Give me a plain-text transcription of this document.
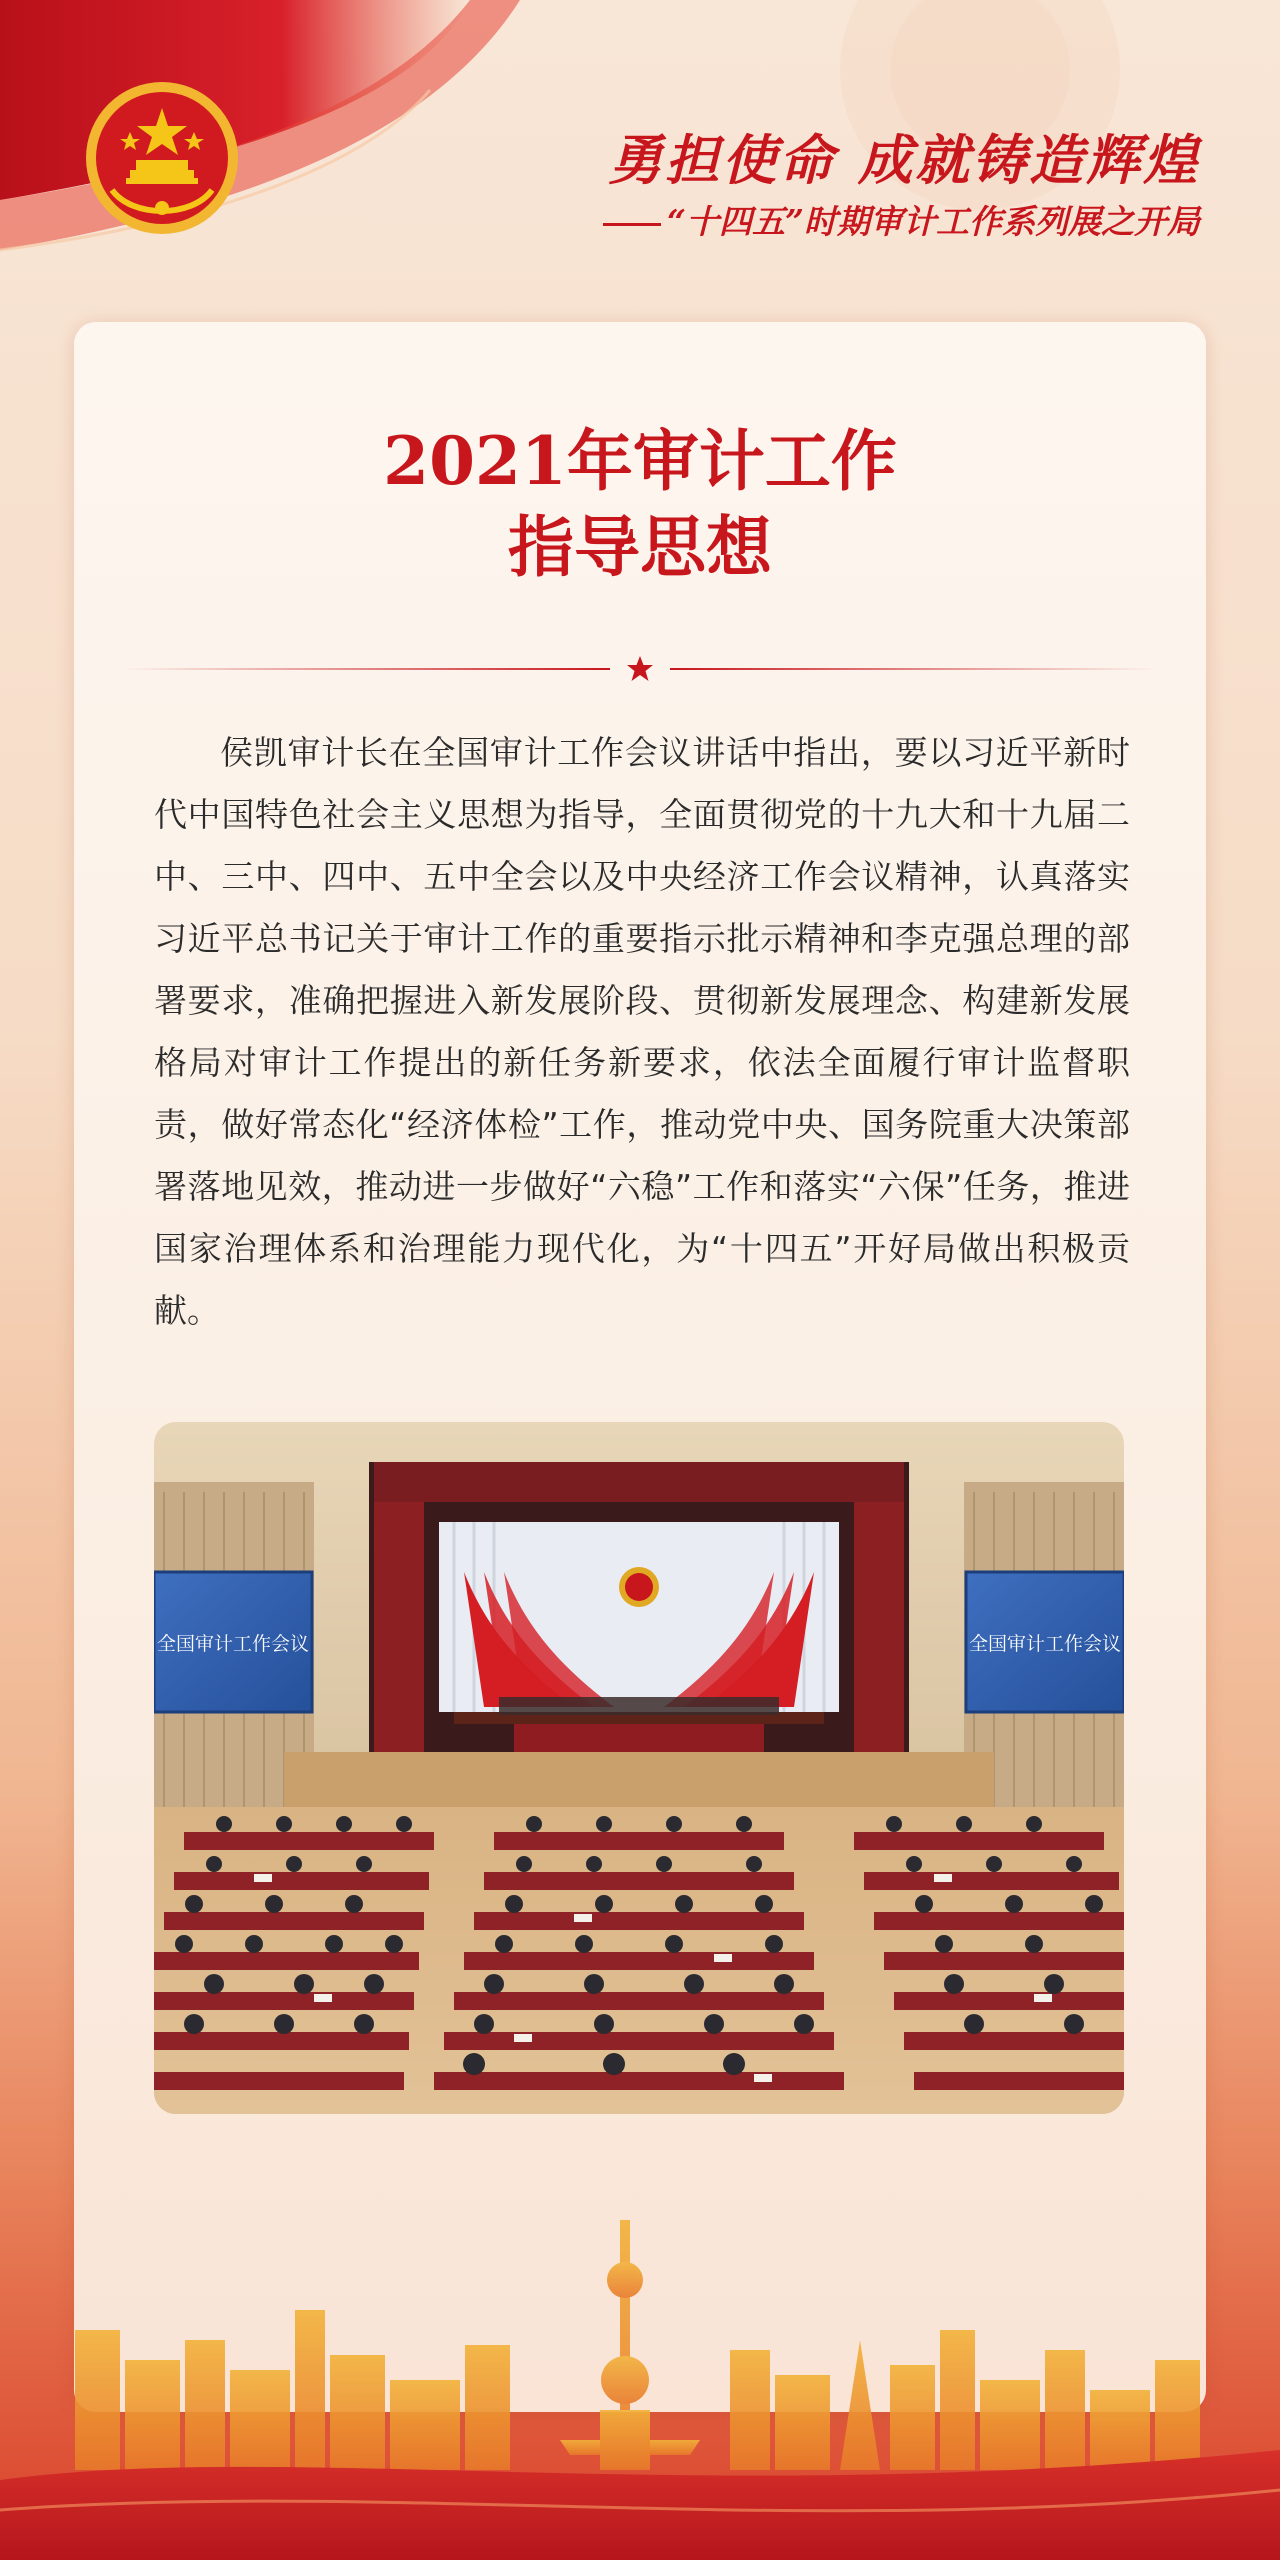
勇担使命 成就铸造辉煌
“十四五”时期审计工作系列展之开局
2021年审计工作
指导思想
侯凯审计长在全国审计工作会议讲话中指出，要以习近平新时代中国特色社会主义思想为指导，全面贯彻党的十九大和十九届二中、三中、四中、五中全会以及中央经济工作会议精神，认真落实习近平总书记关于审计工作的重要指示批示精神和李克强总理的部署要求，准确把握进入新发展阶段、贯彻新发展理念、构建新发展格局对审计工作提出的新任务新要求，依法全面履行审计监督职责，做好常态化“经济体检”工作，推动党中央、国务院重大决策部署落地见效，推动进一步做好“六稳”工作和落实“六保”任务，推进国家治理体系和治理能力现代化，为“十四五”开好局做出积极贡献。
全国审计工作会议	全国审计工作会议
